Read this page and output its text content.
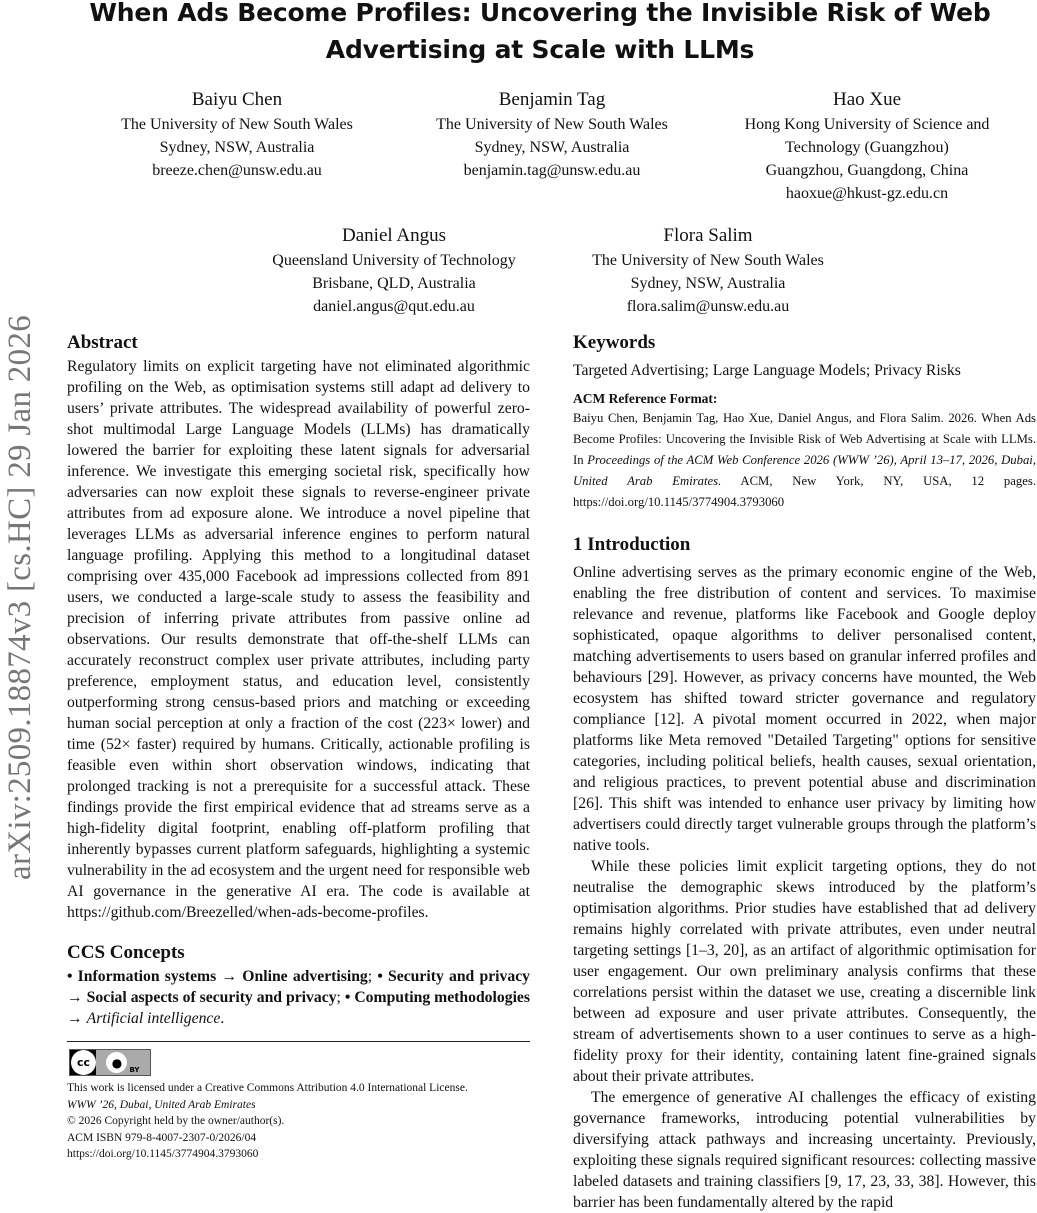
When Ads Become Profiles: Uncovering the Invisible Risk of Web Advertising at Scale with LLMs
Baiyu Chen
The University of New South Wales
Sydney, NSW, Australia
breeze.chen@unsw.edu.au
Benjamin Tag
The University of New South Wales
Sydney, NSW, Australia
benjamin.tag@unsw.edu.au
Hao Xue
Hong Kong University of Science and
Technology (Guangzhou)
Guangzhou, Guangdong, China
haoxue@hkust-gz.edu.cn
Daniel Angus
Queensland University of Technology
Brisbane, QLD, Australia
daniel.angus@qut.edu.au
Flora Salim
The University of New South Wales
Sydney, NSW, Australia
flora.salim@unsw.edu.au
arXiv:2509.18874v3 [cs.HC] 29 Jan 2026 Abstract

Regulatory limits on explicit targeting have not eliminated algorithmic profiling on the Web, as optimisation systems still adapt ad delivery to users’ private attributes. The widespread availability of powerful zero-shot multimodal Large Language Models (LLMs) has dramatically lowered the barrier for exploiting these latent signals for adversarial inference. We investigate this emerging societal risk, specifically how adversaries can now exploit these signals to reverse-engineer private attributes from ad exposure alone. We introduce a novel pipeline that leverages LLMs as adversarial inference engines to perform natural language profiling. Applying this method to a longitudinal dataset comprising over 435,000 Facebook ad impressions collected from 891 users, we conducted a large-scale study to assess the feasibility and precision of inferring private attributes from passive online ad observations. Our results demonstrate that off-the-shelf LLMs can accurately reconstruct complex user private attributes, including party preference, employment status, and education level, consistently outperforming strong census-based priors and matching or exceeding human social perception at only a fraction of the cost (223× lower) and time (52× faster) required by humans. Critically, actionable profiling is feasible even within short observation windows, indicating that prolonged tracking is not a prerequisite for a successful attack. These findings provide the first empirical evidence that ad streams serve as a high-fidelity digital footprint, enabling off-platform profiling that inherently bypasses current platform safeguards, highlighting a systemic vulnerability in the ad ecosystem and the urgent need for responsible web AI governance in the generative AI era. The code is available at https://github.com/Breezelled/when-ads-become-profiles.

CCS Concepts
• Information systems → Online advertising; • Security and privacy → Social aspects of security and privacy; • Computing methodologies → Artificial intelligence.
cc	●
BY
This work is licensed under a Creative Commons Attribution 4.0 International License.
WWW ’26, Dubai, United Arab Emirates
© 2026 Copyright held by the owner/author(s).
ACM ISBN 979-8-4007-2307-0/2026/04
https://doi.org/10.1145/3774904.3793060
Keywords

Targeted Advertising; Large Language Models; Privacy Risks

ACM Reference Format:
Baiyu Chen, Benjamin Tag, Hao Xue, Daniel Angus, and Flora Salim. 2026. When Ads Become Profiles: Uncovering the Invisible Risk of Web Advertising at Scale with LLMs. In Proceedings of the ACM Web Conference 2026 (WWW ’26), April 13–17, 2026, Dubai, United Arab Emirates. ACM, New York, NY, USA, 12 pages. https://doi.org/10.1145/3774904.3793060
1 Introduction

Online advertising serves as the primary economic engine of the Web, enabling the free distribution of content and services. To maximise relevance and revenue, platforms like Facebook and Google deploy sophisticated, opaque algorithms to deliver personalised content, matching advertisements to users based on granular inferred profiles and behaviours [29]. However, as privacy concerns have mounted, the Web ecosystem has shifted toward stricter governance and regulatory compliance [12]. A pivotal moment occurred in 2022, when major platforms like Meta removed "Detailed Targeting" options for sensitive categories, including political beliefs, health causes, sexual orientation, and religious practices, to prevent potential abuse and discrimination [26]. This shift was intended to enhance user privacy by limiting how advertisers could directly target vulnerable groups through the platform’s native tools.

While these policies limit explicit targeting options, they do not neutralise the demographic skews introduced by the platform’s optimisation algorithms. Prior studies have established that ad delivery remains highly correlated with private attributes, even under neutral targeting settings [1–3, 20], as an artifact of algorithmic optimisation for user engagement. Our own preliminary analysis confirms that these correlations persist within the dataset we use, creating a discernible link between ad exposure and user private attributes. Consequently, the stream of advertisements shown to a user continues to serve as a high-fidelity proxy for their identity, containing latent fine-grained signals about their private attributes.

The emergence of generative AI challenges the efficacy of existing governance frameworks, introducing potential vulnerabilities by diversifying attack pathways and increasing uncertainty. Previously, exploiting these signals required significant resources: collecting massive labeled datasets and training classifiers [9, 17, 23, 33, 38]. However, this barrier has been fundamentally altered by the rapid
